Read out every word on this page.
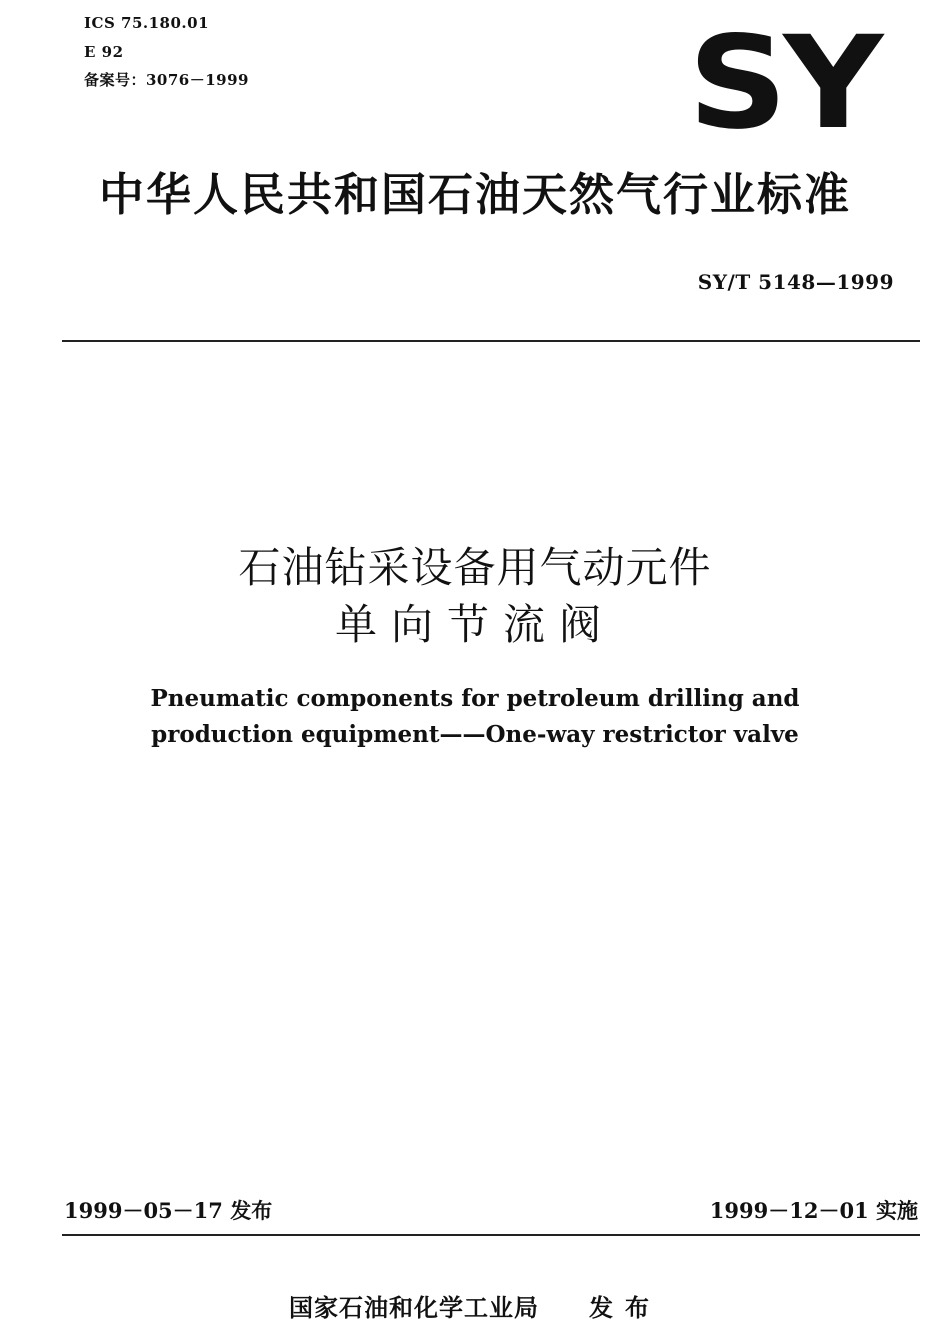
ICS 75.180.01
E 92
备案号：3076－1999	SY
中华人民共和国石油天然气行业标准
SY/T 5148—1999
石油钻采设备用气动元件
单向节流阀
Pneumatic components for petroleum drilling and
production equipment——One-way restrictor valve
1999－05－17 发布	1999－12－01 实施
国家石油和化学工业局 发布
